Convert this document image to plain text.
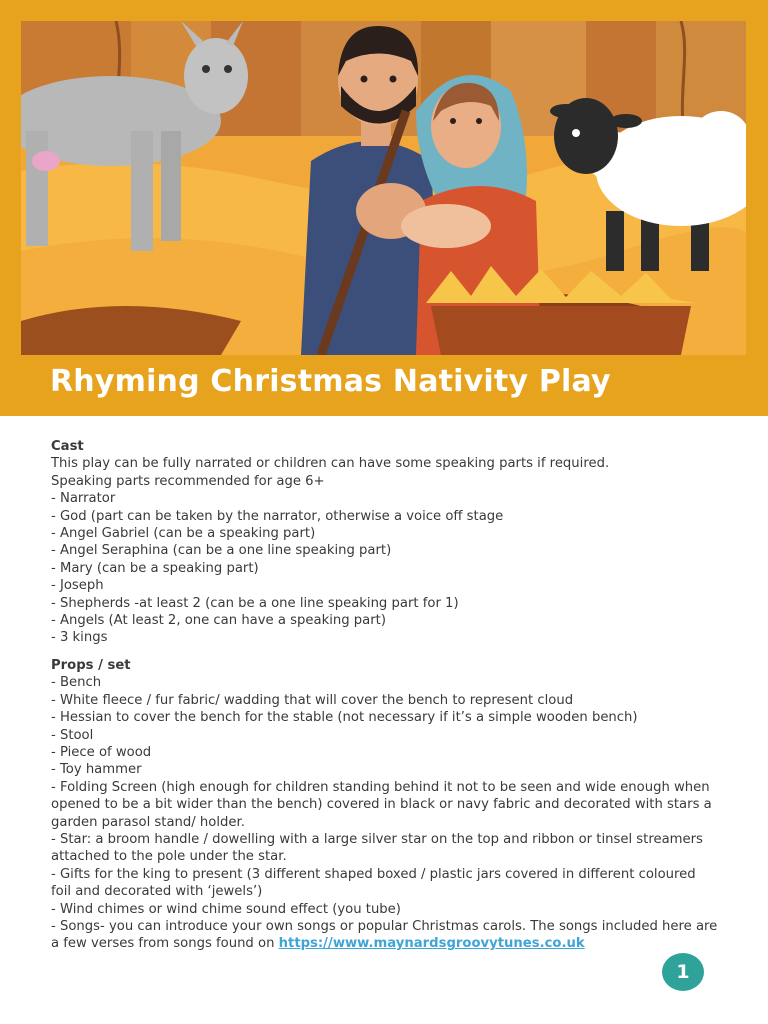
Rhyming Christmas Nativity Play
Cast

This play can be fully narrated or children can have some speaking parts if required.

Speaking parts recommended for age 6+

- Narrator
- God (part can be taken by the narrator, otherwise a voice off stage
- Angel Gabriel (can be a speaking part)
- Angel Seraphina (can be a one line speaking part)
- Mary (can be a speaking part)
- Joseph
- Shepherds -at least 2 (can be a one line speaking part for 1)
- Angels (At least 2, one can have a speaking part)
- 3 kings
Props / set
- Bench
- White fleece / fur fabric/ wadding that will cover the bench to represent cloud
- Hessian to cover the bench for the stable (not necessary if it’s a simple wooden bench)
- Stool
- Piece of wood
- Toy hammer
- Folding Screen (high enough for children standing behind it not to be seen and wide enough when opened to be a bit wider than the bench) covered in black or navy fabric and decorated with stars a garden parasol stand/ holder.
- Star: a broom handle / dowelling with a large silver star on the top and ribbon or tinsel streamers attached to the pole under the star.
- Gifts for the king to present (3 different shaped boxed / plastic jars covered in different coloured foil and decorated with ‘jewels’)
- Wind chimes or wind chime sound effect (you tube)
- Songs- you can introduce your own songs or popular Christmas carols. The songs included here are a few verses from songs found on https://www.maynardsgroovytunes.co.uk
1
